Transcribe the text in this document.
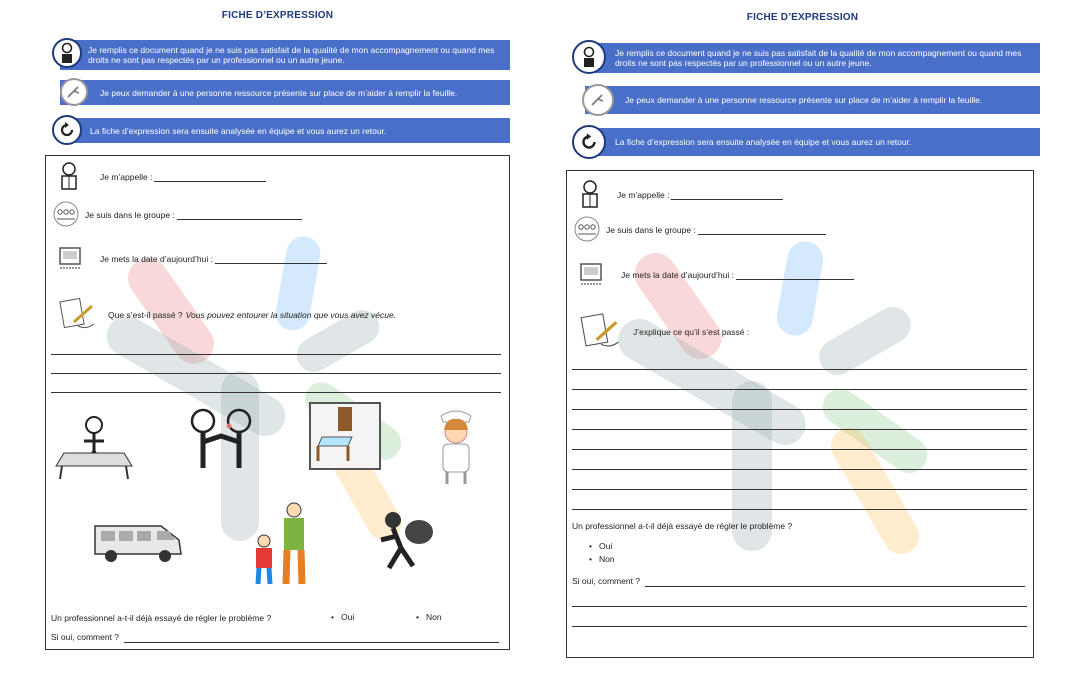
FICHE D’EXPRESSION
Je remplis ce document quand je ne suis pas satisfait de la qualité de mon accompagnement ou quand mes droits ne sont pas respectés par un professionnel ou un autre jeune.
Je peux demander à une personne ressource présente sur place de m’aider à remplir la feuille.
La fiche d’expression sera ensuite analysée en équipe et vous aurez un retour.
Je m’appelle :
Je suis dans le groupe :
Je mets la date d’aujourd’hui :
Que s’est-il passé ? Vous pouvez entourer la situation que vous avez vécue.
Un professionnel a-t-il déjà essayé de régler le problème ?	• Oui	• Non
Si oui, comment ?
FICHE D’EXPRESSION
Je remplis ce document quand je ne suis pas satisfait de la qualité de mon accompagnement ou quand mes droits ne sont pas respectés par un professionnel ou un autre jeune.
Je peux demander à une personne ressource présente sur place de m’aider à remplir la feuille.
La fiche d’expression sera ensuite analysée en équipe et vous aurez un retour.
Je m’appelle :
Je suis dans le groupe :
Je mets la date d’aujourd’hui :
J’explique ce qu’il s’est passé :
Un professionnel a-t-il déjà essayé de régler le problème ?
• Oui
• Non
Si oui, comment ?
